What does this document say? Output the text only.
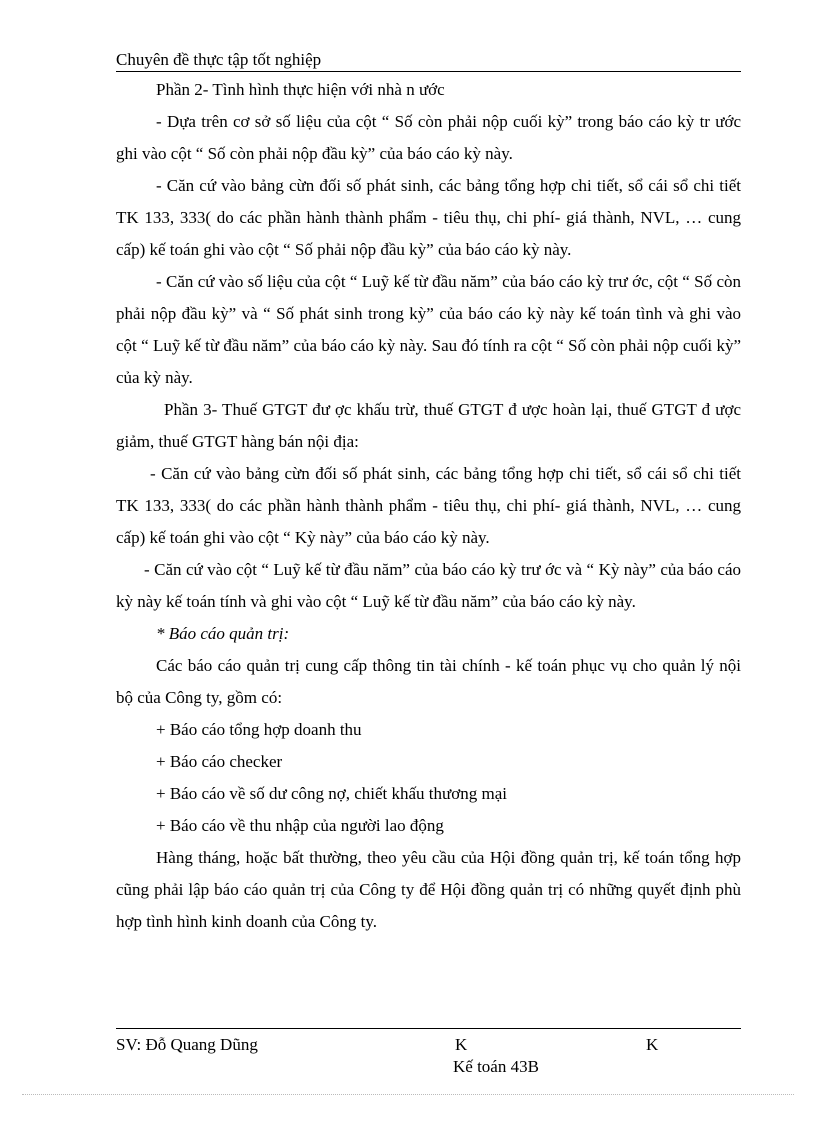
Chuyên đề thực tập tốt nghiệp

Phần 2- Tình hình thực hiện với nhà n ước

- Dựa trên cơ sở số liệu của cột “ Số còn phải nộp cuối kỳ” trong báo cáo kỳ tr ước ghi vào cột “ Số còn phải nộp đầu kỳ” của báo cáo kỳ này.

- Căn cứ vào bảng cừn đối số phát sinh, các bảng tổng hợp chi tiết, sổ cái sổ chi tiết TK 133, 333( do các phần hành thành phẩm - tiêu thụ, chi phí- giá thành, NVL, … cung cấp) kế toán ghi vào cột “ Số phải nộp đầu kỳ” của báo cáo kỳ này.

- Căn cứ vào số liệu của cột “ Luỹ kế từ đầu năm” của báo cáo kỳ trư ớc, cột “ Số còn phải nộp đầu kỳ” và “ Số phát sinh trong kỳ” của báo cáo kỳ này kế toán tình và ghi vào cột “ Luỹ kế từ đầu năm” của báo cáo kỳ này. Sau đó tính ra cột “ Số còn phải nộp cuối kỳ” của kỳ này.

Phần 3- Thuế GTGT đư ợc khấu trừ, thuế GTGT đ ược hoàn lại, thuế GTGT đ ược giảm, thuế GTGT hàng bán nội địa:

- Căn cứ vào bảng cừn đối số phát sinh, các bảng tổng hợp chi tiết, sổ cái sổ chi tiết TK 133, 333( do các phần hành thành phẩm - tiêu thụ, chi phí- giá thành, NVL, … cung cấp) kế toán ghi vào cột “ Kỳ này” của báo cáo kỳ này.

- Căn cứ vào cột “ Luỹ kế từ đầu năm” của báo cáo kỳ trư ớc và “ Kỳ này” của báo cáo kỳ này kế toán tính và ghi vào cột “ Luỹ kế từ đầu năm” của báo cáo kỳ này.

* Báo cáo quản trị:

Các báo cáo quản trị cung cấp thông tin tài chính - kế toán phục vụ cho quản lý nội bộ của Công ty, gồm có:

+ Báo cáo tổng hợp doanh thu

+ Báo cáo checker

+ Báo cáo về số dư công nợ, chiết khấu thương mại

+ Báo cáo về thu nhập của người lao động

Hàng tháng, hoặc bất thường, theo yêu cầu của Hội đồng quản trị, kế toán tổng hợp cũng phải lập báo cáo quản trị của Công ty để Hội đồng quản trị có những quyết định phù hợp tình hình kinh doanh của Công ty.

SV: Đỗ Quang Dũng	K	K
Kế toán 43B
